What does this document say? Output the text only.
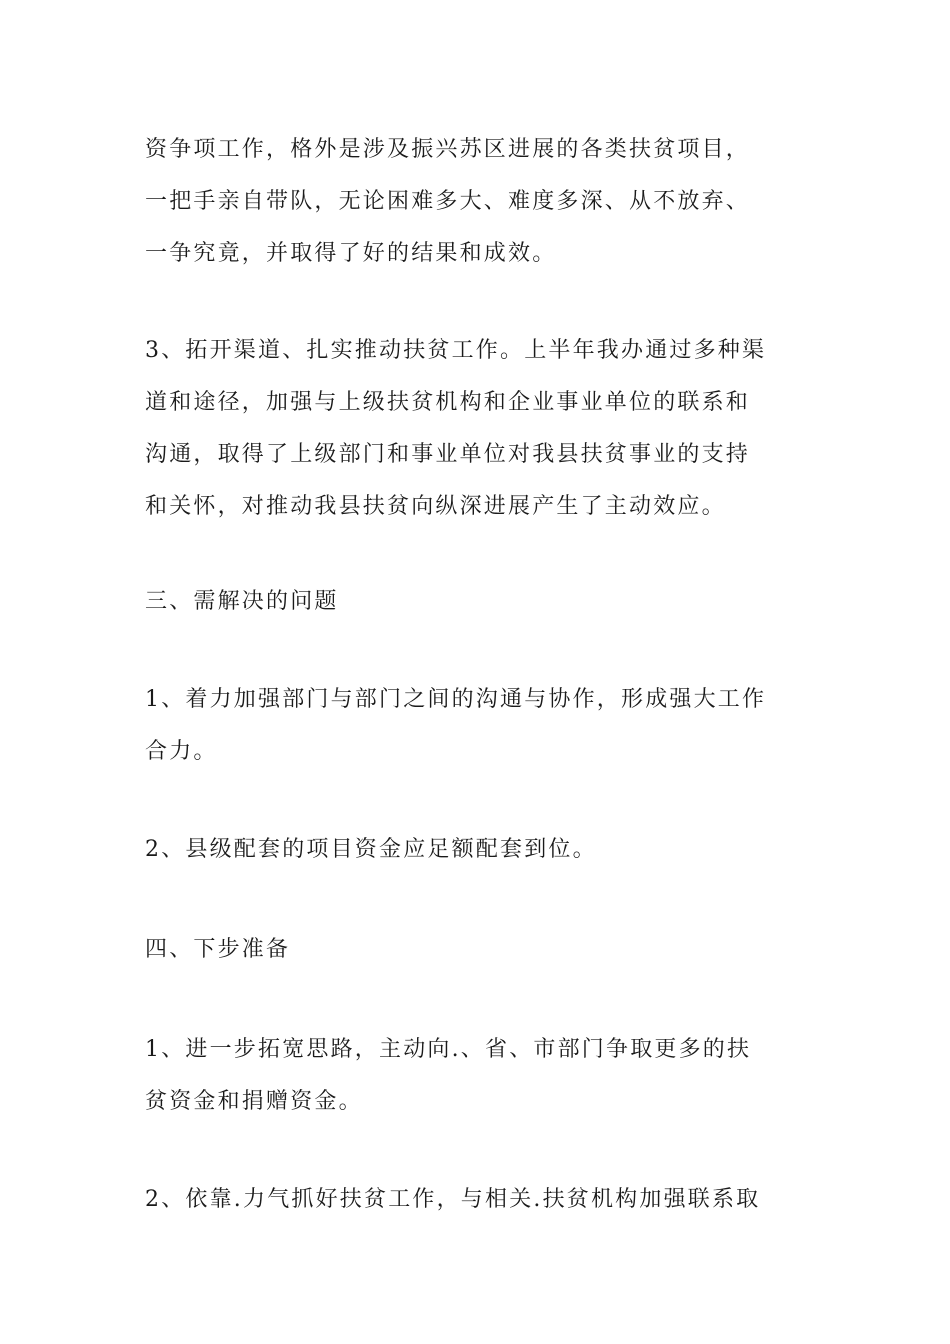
资争项工作，格外是涉及振兴苏区进展的各类扶贫项目，
一把手亲自带队，无论困难多大、难度多深、从不放弃、
一争究竟，并取得了好的结果和成效。

3、拓开渠道、扎实推动扶贫工作。上半年我办通过多种渠
道和途径，加强与上级扶贫机构和企业事业单位的联系和
沟通，取得了上级部门和事业单位对我县扶贫事业的支持
和关怀，对推动我县扶贫向纵深进展产生了主动效应。

三、需解决的问题

1、着力加强部门与部门之间的沟通与协作，形成强大工作
合力。

2、县级配套的项目资金应足额配套到位。

四、下步准备

1、进一步拓宽思路，主动向.、省、市部门争取更多的扶
贫资金和捐赠资金。

2、依靠.力气抓好扶贫工作，与相关.扶贫机构加强联系取
